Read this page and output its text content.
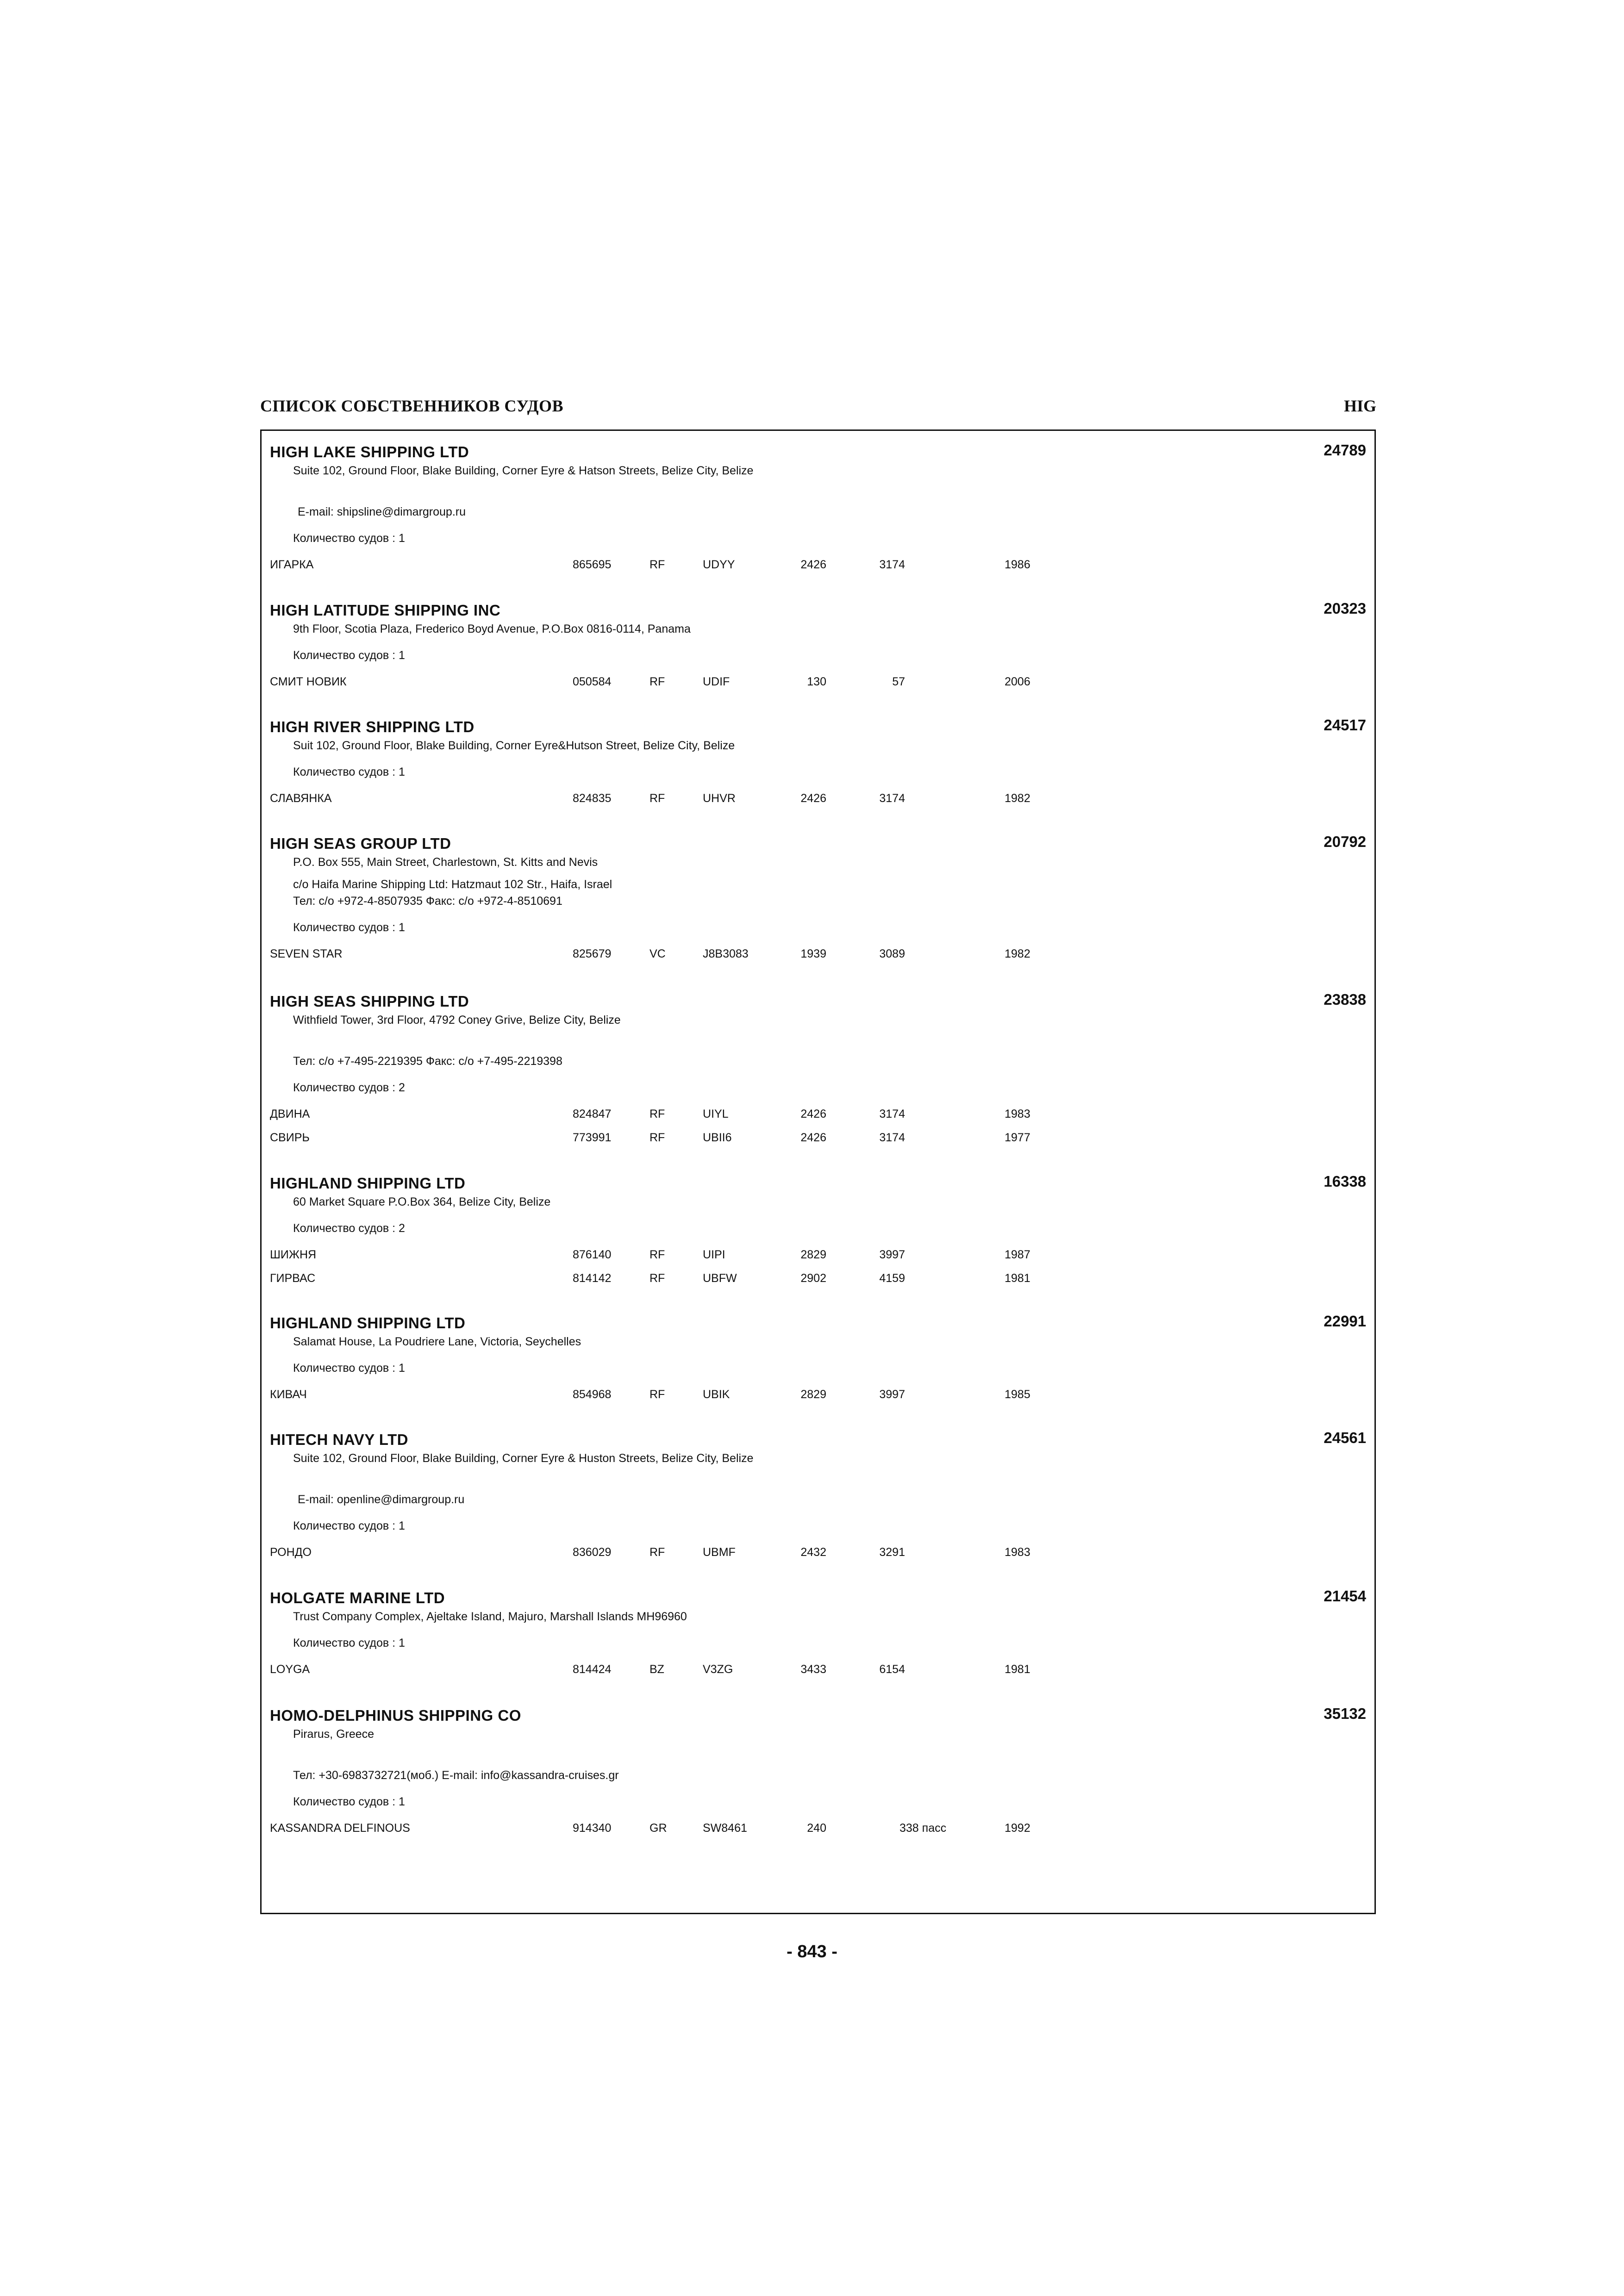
СПИСОК СОБСТВЕННИКОВ СУДОВ	HIG
HIGH LAKE SHIPPING LTD	24789
Suite 102, Ground Floor, Blake Building, Corner Eyre & Hatson Streets, Belize City, Belize
E-mail: shipsline@dimargroup.ru
Количество судов : 1
ИГАРКА	865695	RF	UDYY	2426	3174	1986
HIGH LATITUDE SHIPPING INC	20323
9th Floor, Scotia Plaza, Frederico Boyd Avenue, P.O.Box 0816-0114, Panama
Количество судов : 1
СМИТ НОВИК	050584	RF	UDIF	130	57	2006
HIGH RIVER SHIPPING LTD	24517
Suit 102, Ground Floor, Blake Building, Corner Eyre&Hutson Street, Belize City, Belize
Количество судов : 1
СЛАВЯНКА	824835	RF	UHVR	2426	3174	1982
HIGH SEAS GROUP LTD	20792
P.O. Box 555, Main Street, Charlestown, St. Kitts and Nevis
c/o Haifa Marine Shipping Ltd: Hatzmaut 102 Str., Haifa, Israel
Тел: c/o +972-4-8507935 Факс: c/o +972-4-8510691
Количество судов : 1
SEVEN STAR	825679	VC	J8B3083	1939	3089	1982
HIGH SEAS SHIPPING LTD	23838
Withfield Tower, 3rd Floor, 4792 Coney Grive, Belize City, Belize
Тел: c/o +7-495-2219395 Факс: c/o +7-495-2219398
Количество судов : 2
ДВИНА	824847	RF	UIYL	2426	3174	1983
СВИРЬ	773991	RF	UBII6	2426	3174	1977
HIGHLAND SHIPPING LTD	16338
60 Market Square P.O.Box 364, Belize City, Belize
Количество судов : 2
ШИЖНЯ	876140	RF	UIPI	2829	3997	1987
ГИРВАС	814142	RF	UBFW	2902	4159	1981
HIGHLAND SHIPPING LTD	22991
Salamat House, La Poudriere Lane, Victoria, Seychelles
Количество судов : 1
КИВАЧ	854968	RF	UBIK	2829	3997	1985
HITECH NAVY LTD	24561
Suite 102, Ground Floor, Blake Building, Corner Eyre & Huston Streets, Belize City, Belize
E-mail: openline@dimargroup.ru
Количество судов : 1
РОНДО	836029	RF	UBMF	2432	3291	1983
HOLGATE MARINE LTD	21454
Trust Company Complex, Ajeltake Island, Majuro, Marshall Islands MH96960
Количество судов : 1
LOYGA	814424	BZ	V3ZG	3433	6154	1981
HOMO-DELPHINUS SHIPPING CO	35132
Pirarus, Greece
Тел: +30-6983732721(моб.) E-mail: info@kassandra-cruises.gr
Количество судов : 1
KASSANDRA DELFINOUS	914340	GR	SW8461	240	338 пасс	1992
- 843 -
